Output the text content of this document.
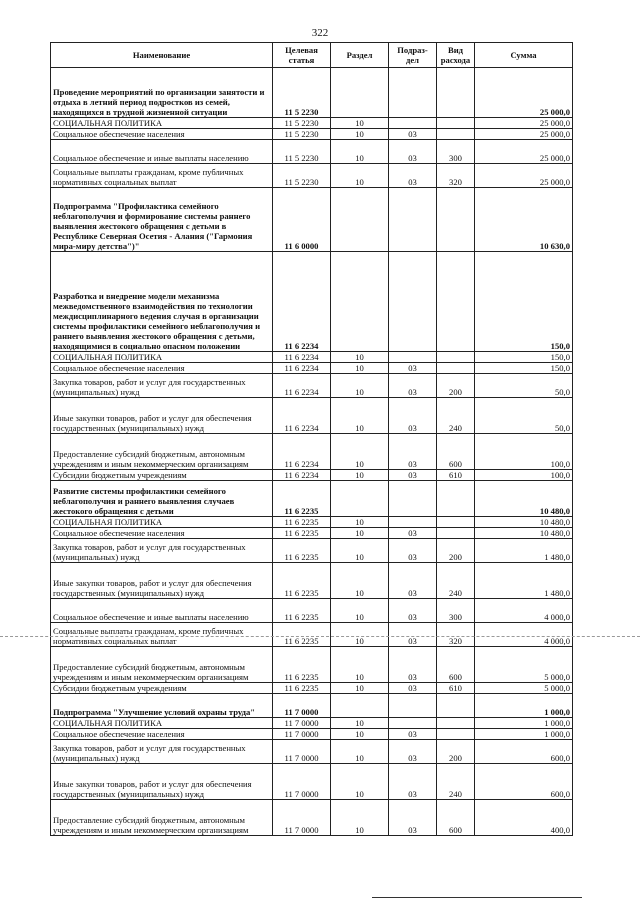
322
Наименование	Целевая статья	Раздел	Подраз-дел	Вид расхода	Сумма
Проведение мероприятий по организации занятости и отдыха в летний период подростков из семей, находящихся в трудной жизненной ситуации	11 5 2230				25 000,0
СОЦИАЛЬНАЯ ПОЛИТИКА	11 5 2230	10			25 000,0
Социальное обеспечение населения	11 5 2230	10	03		25 000,0
Социальное обеспечение и иные выплаты населению	11 5 2230	10	03	300	25 000,0
Социальные выплаты гражданам, кроме публичных нормативных социальных выплат	11 5 2230	10	03	320	25 000,0
Подпрограмма "Профилактика семейного неблагополучия и формирование системы раннего выявления жестокого обращения с детьми в Республике Северная Осетия - Алания ("Гармония мира-миру детства")"	11 6 0000				10 630,0
Разработка и внедрение модели механизма межведомственного взаимодействия по технологии междисциплинарного ведения случая в организации системы профилактики семейного неблагополучия и раннего выявления жестокого обращения с детьми, находящимися в социально опасном положении	11 6 2234				150,0
СОЦИАЛЬНАЯ ПОЛИТИКА	11 6 2234	10			150,0
Социальное обеспечение населения	11 6 2234	10	03		150,0
Закупка товаров, работ и услуг для государственных (муниципальных) нужд	11 6 2234	10	03	200	50,0
Иные закупки товаров, работ и услуг для обеспечения государственных (муниципальных) нужд	11 6 2234	10	03	240	50,0
Предоставление субсидий бюджетным, автономным учреждениям и иным некоммерческим организациям	11 6 2234	10	03	600	100,0
Субсидии бюджетным учреждениям	11 6 2234	10	03	610	100,0
Развитие системы профилактики семейного неблагополучия и раннего выявления случаев жестокого обращения с детьми	11 6 2235				10 480,0
СОЦИАЛЬНАЯ ПОЛИТИКА	11 6 2235	10			10 480,0
Социальное обеспечение населения	11 6 2235	10	03		10 480,0
Закупка товаров, работ и услуг для государственных (муниципальных) нужд	11 6 2235	10	03	200	1 480,0
Иные закупки товаров, работ и услуг для обеспечения государственных (муниципальных) нужд	11 6 2235	10	03	240	1 480,0
Социальное обеспечение и иные выплаты населению	11 6 2235	10	03	300	4 000,0
Социальные выплаты гражданам, кроме публичных нормативных социальных выплат	11 6 2235	10	03	320	4 000,0
Предоставление субсидий бюджетным, автономным учреждениям и иным некоммерческим организациям	11 6 2235	10	03	600	5 000,0
Субсидии бюджетным учреждениям	11 6 2235	10	03	610	5 000,0
Подпрограмма "Улучшение условий охраны труда"	11 7 0000				1 000,0
СОЦИАЛЬНАЯ ПОЛИТИКА	11 7 0000	10			1 000,0
Социальное обеспечение населения	11 7 0000	10	03		1 000,0
Закупка товаров, работ и услуг для государственных (муниципальных) нужд	11 7 0000	10	03	200	600,0
Иные закупки товаров, работ и услуг для обеспечения государственных (муниципальных) нужд	11 7 0000	10	03	240	600,0
Предоставление субсидий бюджетным, автономным учреждениям и иным некоммерческим организациям	11 7 0000	10	03	600	400,0
